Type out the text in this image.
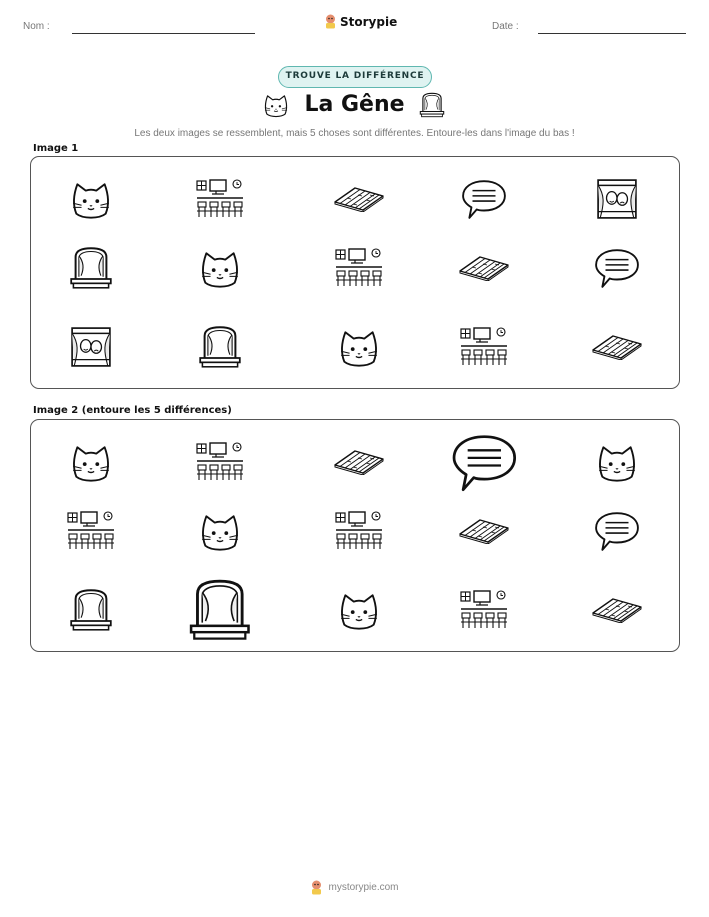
Nom :	Storypie	Date :
TROUVE LA DIFFÉRENCE
La Gêne
Les deux images se ressemblent, mais 5 choses sont différentes. Entoure-les dans l'image du bas !
Image 1
Image 2 (entoure les 5 différences)
mystorypie.com
